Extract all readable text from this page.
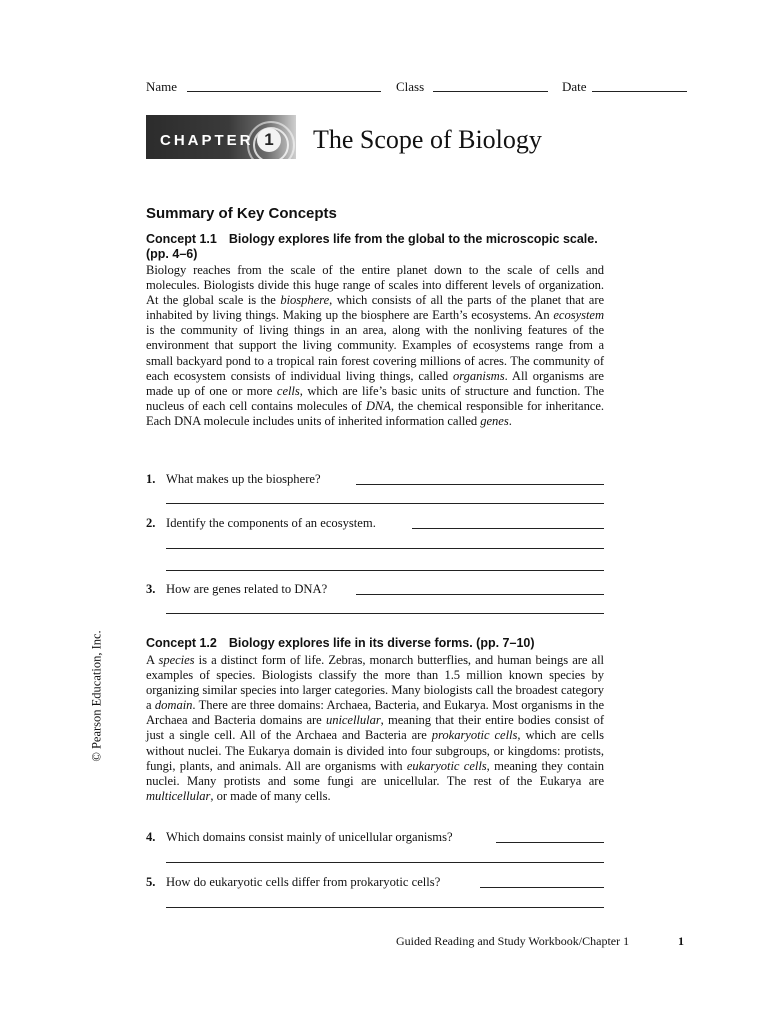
Name	Class	Date
CHAPTER 1 The Scope of Biology
Summary of Key Concepts
Concept 1.1 Biology explores life from the global to the microscopic scale. (pp. 4–6)
Biology reaches from the scale of the entire planet down to the scale of cells and molecules. Biologists divide this huge range of scales into different levels of organization. At the global scale is the biosphere, which consists of all the parts of the planet that are inhabited by living things. Making up the biosphere are Earth’s ecosystems. An ecosystem is the community of living things in an area, along with the nonliving features of the environment that support the living community. Examples of ecosystems range from a small backyard pond to a tropical rain forest covering millions of acres. The community of each ecosystem consists of individual living things, called organisms. All organisms are made up of one or more cells, which are life’s basic units of structure and function. The nucleus of each cell contains molecules of DNA, the chemical responsible for inheritance. Each DNA molecule includes units of inherited information called genes.
1. What makes up the biosphere?
2. Identify the components of an ecosystem.
3. How are genes related to DNA?
Concept 1.2 Biology explores life in its diverse forms. (pp. 7–10)
A species is a distinct form of life. Zebras, monarch butterflies, and human beings are all examples of species. Biologists classify the more than 1.5 million known species by organizing similar species into larger categories. Many biologists call the broadest category a domain. There are three domains: Archaea, Bacteria, and Eukarya. Most organisms in the Archaea and Bacteria domains are unicellular, meaning that their entire bodies consist of just a single cell. All of the Archaea and Bacteria are prokaryotic cells, which are cells without nuclei. The Eukarya domain is divided into four subgroups, or kingdoms: protists, fungi, plants, and animals. All are organisms with eukaryotic cells, meaning they contain nuclei. Many protists and some fungi are unicellular. The rest of the Eukarya are multicellular, or made of many cells.
4. Which domains consist mainly of unicellular organisms?
5. How do eukaryotic cells differ from prokaryotic cells?
© Pearson Education, Inc.
Guided Reading and Study Workbook/Chapter 1	1
